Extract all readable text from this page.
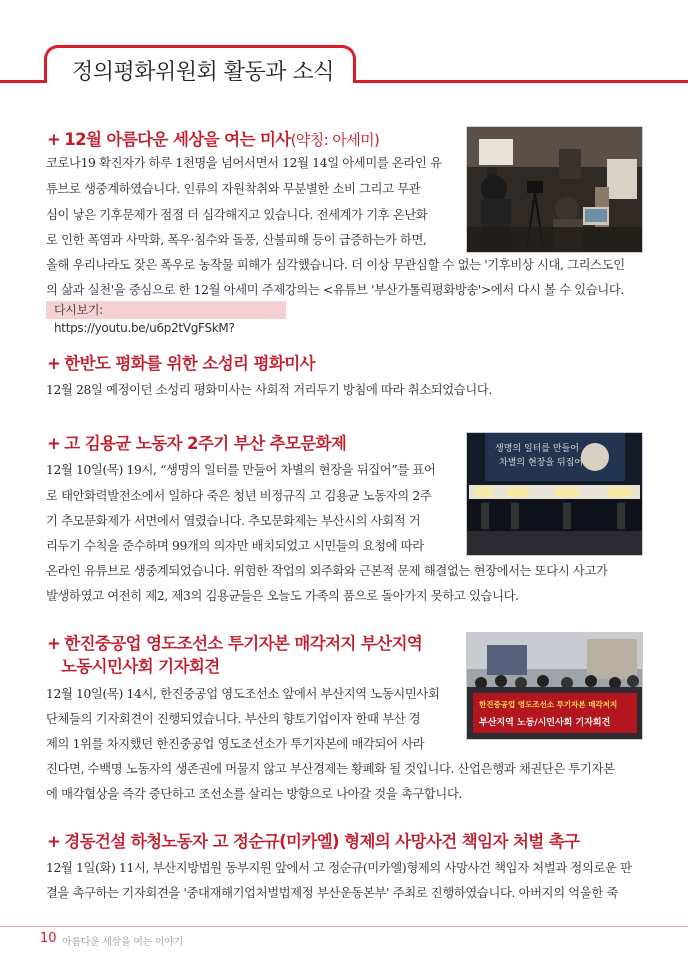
정의평화위원회 활동과 소식
+ 12월 아름다운 세상을 여는 미사(약칭: 아세미)
코로나19 확진자가 하루 1천명을 넘어서면서 12월 14일 아세미를 온라인 유
튜브로 생중계하였습니다. 인류의 자원착취와 무분별한 소비 그리고 무관
심이 낳은 기후문제가 점점 더 심각해지고 있습니다. 전세계가 기후 온난화
로 인한 폭염과 사막화, 폭우·침수와 돌풍, 산불피해 등이 급증하는가 하면,
올해 우리나라도 잦은 폭우로 농작물 피해가 심각했습니다. 더 이상 무관심할 수 없는 '기후비상 시대, 그리스도인
의 삶과 실천'을 중심으로 한 12월 아세미 주제강의는 <유튜브 '부산가톨릭평화방송'>에서 다시 볼 수 있습니다.
다시보기: https://youtu.be/u6p2tVgFSkM?
+ 한반도 평화를 위한 소성리 평화미사
12월 28일 예정이던 소성리 평화미사는 사회적 거리두기 방침에 따라 취소되었습니다.
+ 고 김용균 노동자 2주기 부산 추모문화제
12월 10일(목) 19시, “생명의 일터를 만들어 차별의 현장을 뒤집어”를 표어
로 태안화력발전소에서 일하다 죽은 청년 비정규직 고 김용균 노동자의 2주
기 추모문화제가 서면에서 열렸습니다. 추모문화제는 부산시의 사회적 거
리두기 수칙을 준수하며 99개의 의자만 배치되었고 시민들의 요청에 따라
온라인 유튜브로 생중계되었습니다. 위험한 작업의 외주화와 근본적 문제 해결없는 현장에서는 또다시 사고가
발생하였고 여전히 제2, 제3의 김용균들은 오늘도 가족의 품으로 돌아가지 못하고 있습니다.
생명의 일터를 만들어
차별의 현장을 뒤집어
+ 한진중공업 영도조선소 투기자본 매각저지 부산지역
노동시민사회 기자회견
12월 10일(목) 14시, 한진중공업 영도조선소 앞에서 부산지역 노동시민사회
단체들의 기자회견이 진행되었습니다. 부산의 향토기업이자 한때 부산 경
제의 1위를 차지했던 한진중공업 영도조선소가 투기자본에 매각되어 사라
진다면, 수백명 노동자의 생존권에 머물지 않고 부산경제는 황폐화 될 것입니다. 산업은행과 채권단은 투기자본
에 매각협상을 즉각 중단하고 조선소를 살리는 방향으로 나아갈 것을 촉구합니다.
한진중공업 영도조선소 투기자본 매각저지
부산지역 노동/시민사회 기자회견
+ 경동건설 하청노동자 고 정순규(미카엘) 형제의 사망사건 책임자 처벌 촉구
12월 1일(화) 11시, 부산지방법원 동부지원 앞에서 고 정순규(미카엘)형제의 사망사건 책임자 처벌과 정의로운 판
결을 촉구하는 기자회견을 '중대재해기업처벌법제정 부산운동본부' 주최로 진행하였습니다. 아버지의 억울한 죽
10 아름다운 세상을 여는 이야기
